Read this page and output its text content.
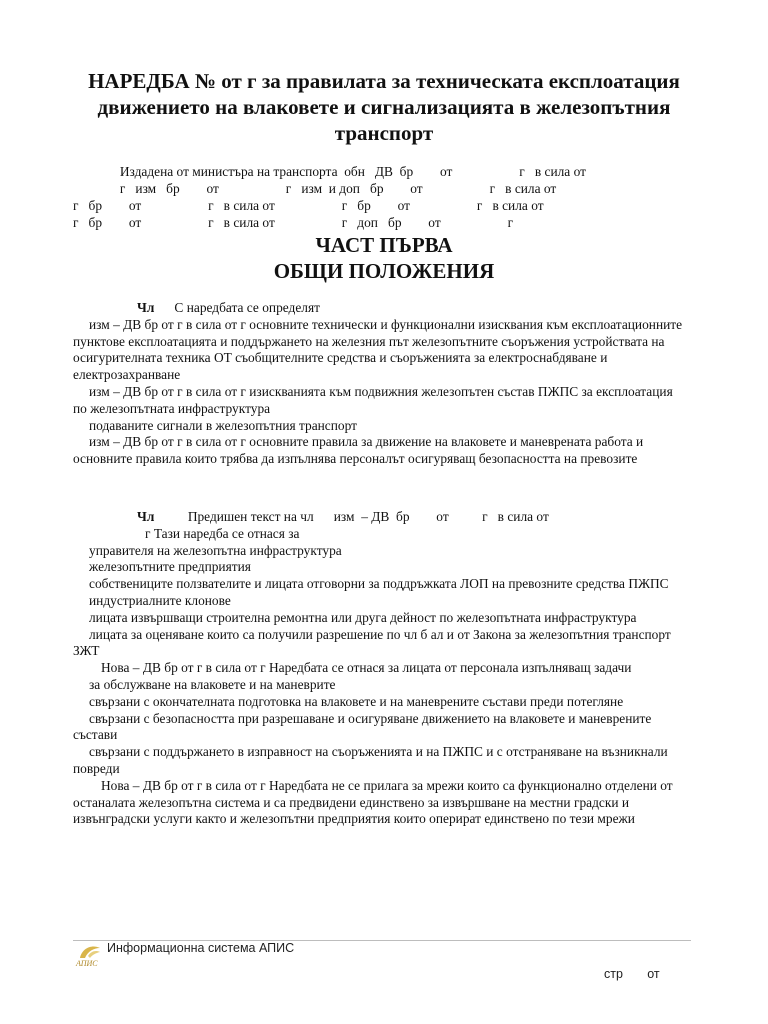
НАРЕДБА № от г за правилата за техническата експлоатация движението на влаковете и сигнализацията в железопътния транспорт
Издадена от министъра на транспорта  обн   ДВ  бр        от                    г   в сила от
г   изм   бр        от                    г   изм  и доп   бр        от                    г   в сила от
г   бр        от                    г   в сила от                    г   бр        от                    г   в сила от
г   бр        от                    г   в сила от                    г   доп   бр        от                    г
ЧАСТ ПЪРВА
ОБЩИ ПОЛОЖЕНИЯ

Чл      С наредбата се определят

изм – ДВ бр от г в сила от г основните технически и функционални изисквания към експлоатационните пунктове експлоатацията и поддържането на железния път железопътните съоръжения устройствата на осигурителната техника ОТ съобщителните средства и съоръженията за електроснабдяване и електрозахранване

изм – ДВ бр от г в сила от г изискванията към подвижния железопътен състав ПЖПС за експлоатация по железопътната инфраструктура

подаваните сигнали в железопътния транспорт

изм – ДВ бр от г в сила от г основните правила за движение на влаковете и маневрената работа и основните правила които трябва да изпълнява персоналът осигуряващ безопасността на превозите

Чл          Предишен текст на чл      изм  – ДВ  бр        от          г   в сила от

г Тази наредба се отнася за

управителя на железопътна инфраструктура

железопътните предприятия

собствениците ползвателите и лицата отговорни за поддръжката ЛОП на превозните средства ПЖПС

индустриалните клонове

лицата извършващи строителна ремонтна или друга дейност по железопътната инфраструктура

лицата за оценяване които са получили разрешение по чл б ал и от Закона за железопътния транспорт ЗЖТ

Нова – ДВ бр от г в сила от г Наредбата се отнася за лицата от персонала изпълняващ задачи

за обслужване на влаковете и на маневрите

свързани с окончателната подготовка на влаковете и на маневрените състави преди потегляне

свързани с безопасността при разрешаване и осигуряване движението на влаковете и маневрените състави

свързани с поддържането в изправност на съоръженията и на ПЖПС и с отстраняване на възникнали повреди

Нова – ДВ бр от г в сила от г Наредбата не се прилага за мрежи които са функционално отделени от останалата железопътна система и са предвидени единствено за извършване на местни градски и извънградски услуги както и железопътни предприятия които оперират единствено по тези мрежи

АПИС
Информационна система АПИС
стр       от
